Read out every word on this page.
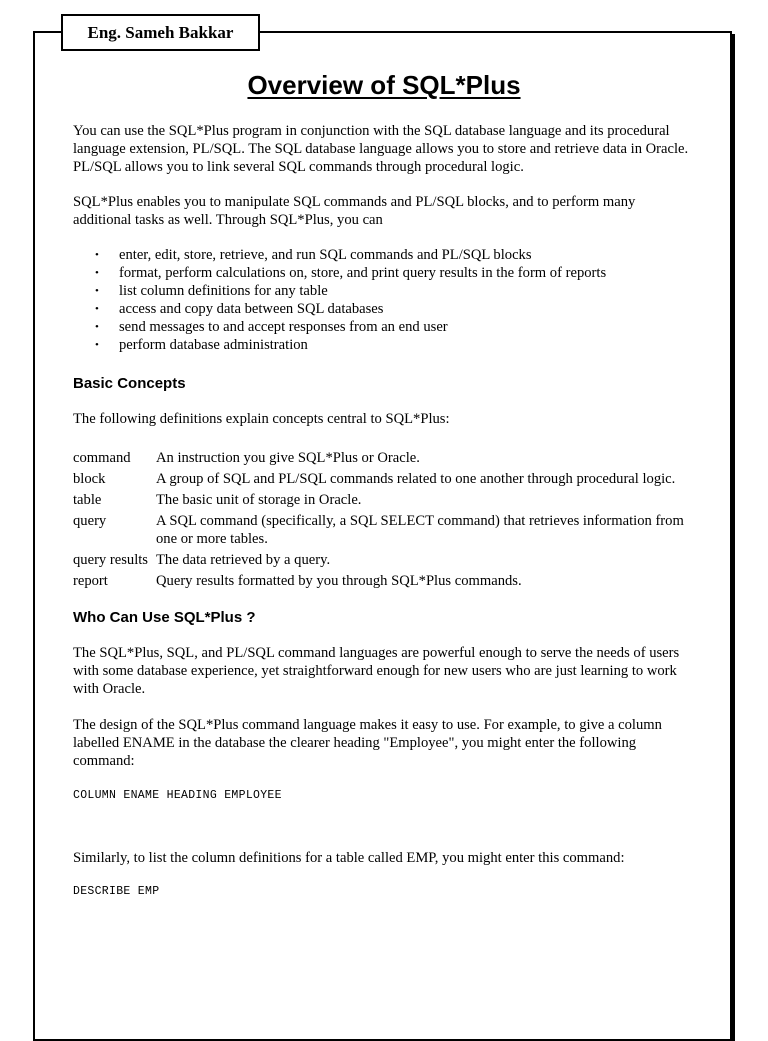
Eng. Sameh Bakkar
Overview of SQL*Plus

You can use the SQL*Plus program in conjunction with the SQL database language and its procedural language extension, PL/SQL. The SQL database language allows you to store and retrieve data in Oracle. PL/SQL allows you to link several SQL commands through procedural logic.

SQL*Plus enables you to manipulate SQL commands and PL/SQL blocks, and to perform many additional tasks as well. Through SQL*Plus, you can

• enter, edit, store, retrieve, and run SQL commands and PL/SQL blocks
• format, perform calculations on, store, and print query results in the form of reports
• list column definitions for any table
• access and copy data between SQL databases
• send messages to and accept responses from an end user
• perform database administration
Basic Concepts

The following definitions explain concepts central to SQL*Plus:

command	An instruction you give SQL*Plus or Oracle.
block	A group of SQL and PL/SQL commands related to one another through procedural logic.
table	The basic unit of storage in Oracle.
query	A SQL command (specifically, a SQL SELECT command) that retrieves information from one or more tables.
query results	The data retrieved by a query.
report	Query results formatted by you through SQL*Plus commands.
Who Can Use SQL*Plus ?

The SQL*Plus, SQL, and PL/SQL command languages are powerful enough to serve the needs of users with some database experience, yet straightforward enough for new users who are just learning to work with Oracle.

The design of the SQL*Plus command language makes it easy to use. For example, to give a column labelled ENAME in the database the clearer heading "Employee", you might enter the following command:

COLUMN ENAME HEADING EMPLOYEE

Similarly, to list the column definitions for a table called EMP, you might enter this command:

DESCRIBE EMP
